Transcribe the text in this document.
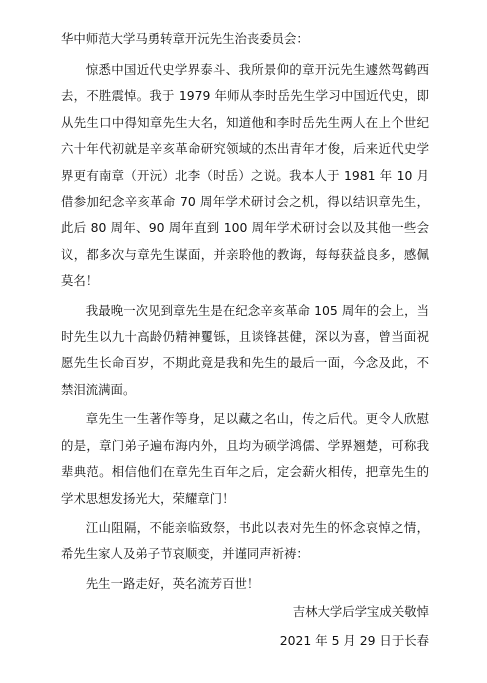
华中师范大学马勇转章开沅先生治丧委员会：

惊悉中国近代史学界泰斗、我所景仰的章开沅先生遽然驾鹤西去，不胜震悼。我于 1979 年师从李时岳先生学习中国近代史，即从先生口中得知章先生大名，知道他和李时岳先生两人在上个世纪六十年代初就是辛亥革命研究领域的杰出青年才俊，后来近代史学界更有南章（开沅）北李（时岳）之说。我本人于 1981 年 10 月借参加纪念辛亥革命 70 周年学术研讨会之机，得以结识章先生，此后 80 周年、90 周年直到 100 周年学术研讨会以及其他一些会议，都多次与章先生谋面，并亲聆他的教诲，每每获益良多，感佩莫名！

我最晚一次见到章先生是在纪念辛亥革命 105 周年的会上，当时先生以九十高龄仍精神矍铄，且谈锋甚健，深以为喜，曾当面祝愿先生长命百岁，不期此竟是我和先生的最后一面，今念及此，不禁泪流满面。

章先生一生著作等身，足以藏之名山，传之后代。更令人欣慰的是，章门弟子遍布海内外，且均为硕学鸿儒、学界翘楚，可称我辈典范。相信他们在章先生百年之后，定会薪火相传，把章先生的学术思想发扬光大，荣耀章门！

江山阻隔，不能亲临致祭，书此以表对先生的怀念哀悼之情，希先生家人及弟子节哀顺变，并谨同声祈祷：

先生一路走好，英名流芳百世！

吉林大学后学宝成关敬悼
2021 年 5 月 29 日于长春
